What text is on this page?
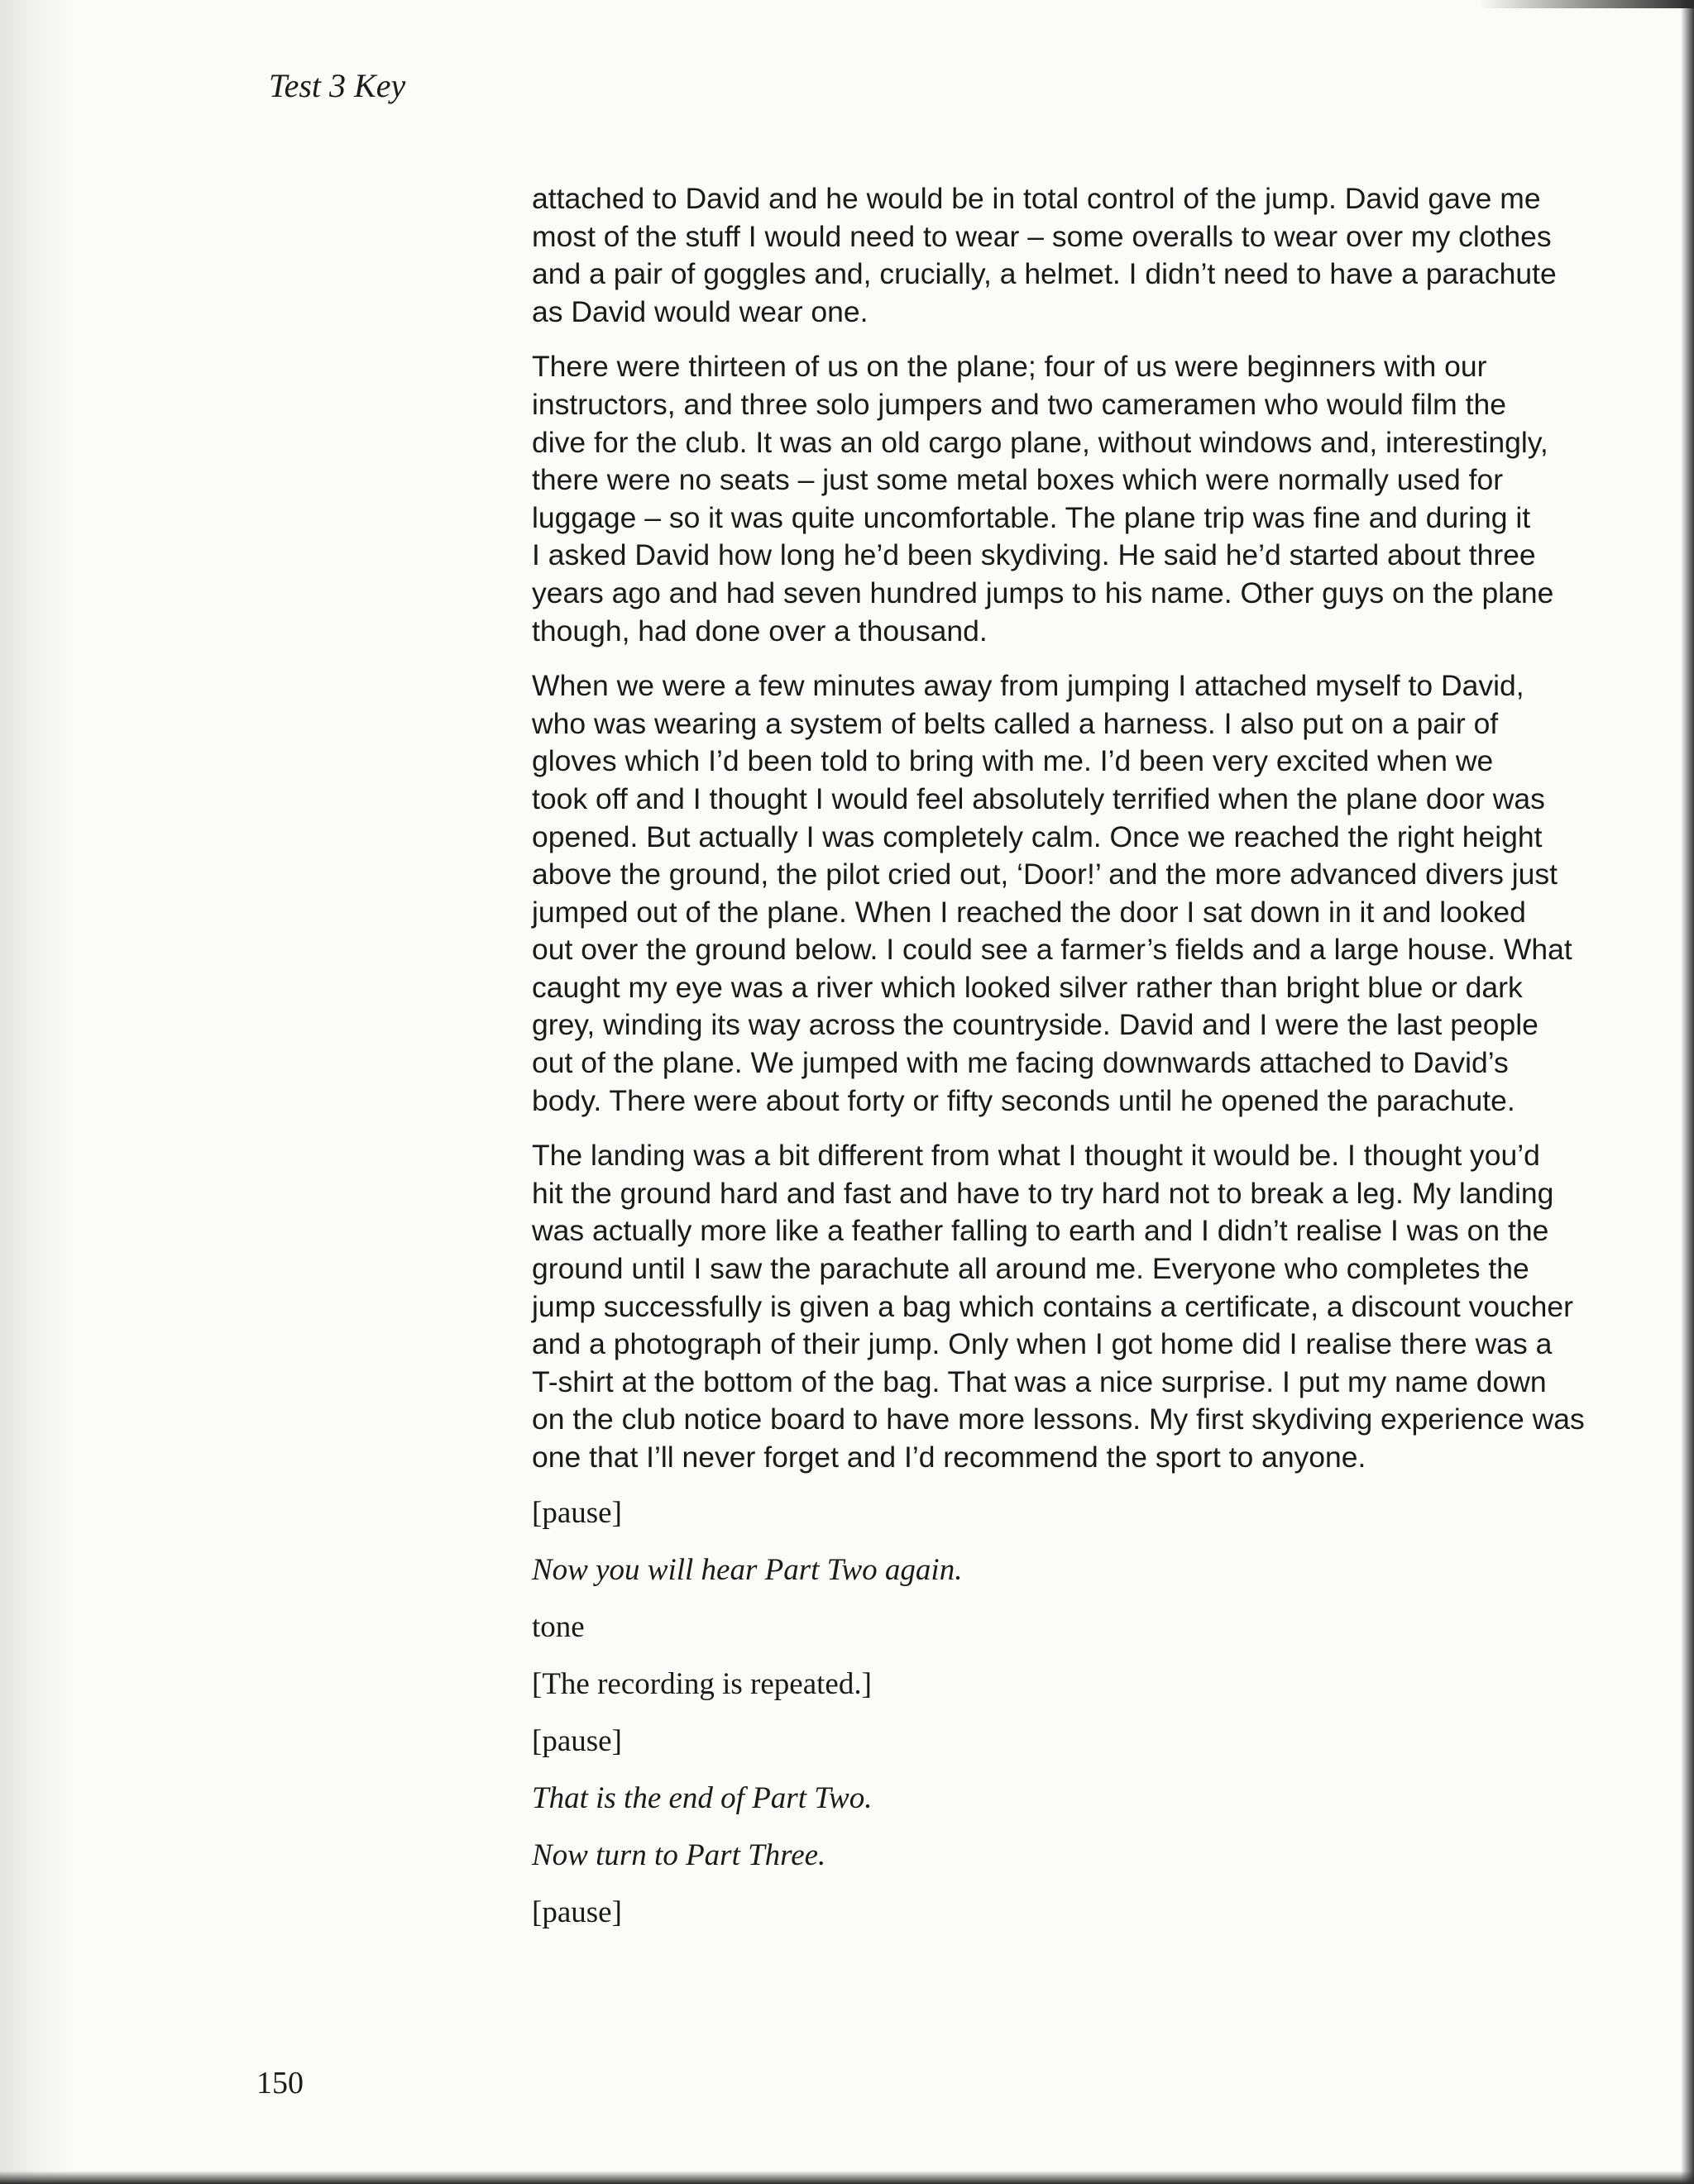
Test 3 Key
attached to David and he would be in total control of the jump. David gave me
most of the stuff I would need to wear – some overalls to wear over my clothes
and a pair of goggles and, crucially, a helmet. I didn’t need to have a parachute
as David would wear one.
There were thirteen of us on the plane; four of us were beginners with our
instructors, and three solo jumpers and two cameramen who would film the
dive for the club. It was an old cargo plane, without windows and, interestingly,
there were no seats – just some metal boxes which were normally used for
luggage – so it was quite uncomfortable. The plane trip was fine and during it
I asked David how long he’d been skydiving. He said he’d started about three
years ago and had seven hundred jumps to his name. Other guys on the plane
though, had done over a thousand.
When we were a few minutes away from jumping I attached myself to David,
who was wearing a system of belts called a harness. I also put on a pair of
gloves which I’d been told to bring with me. I’d been very excited when we
took off and I thought I would feel absolutely terrified when the plane door was
opened. But actually I was completely calm. Once we reached the right height
above the ground, the pilot cried out, ‘Door!’ and the more advanced divers just
jumped out of the plane. When I reached the door I sat down in it and looked
out over the ground below. I could see a farmer’s fields and a large house. What
caught my eye was a river which looked silver rather than bright blue or dark
grey, winding its way across the countryside. David and I were the last people
out of the plane. We jumped with me facing downwards attached to David’s
body. There were about forty or fifty seconds until he opened the parachute.
The landing was a bit different from what I thought it would be. I thought you’d
hit the ground hard and fast and have to try hard not to break a leg. My landing
was actually more like a feather falling to earth and I didn’t realise I was on the
ground until I saw the parachute all around me. Everyone who completes the
jump successfully is given a bag which contains a certificate, a discount voucher
and a photograph of their jump. Only when I got home did I realise there was a
T-shirt at the bottom of the bag. That was a nice surprise. I put my name down
on the club notice board to have more lessons. My first skydiving experience was
one that I’ll never forget and I’d recommend the sport to anyone.
[pause]
Now you will hear Part Two again.
tone
[The recording is repeated.]
[pause]
That is the end of Part Two.
Now turn to Part Three.
[pause]
150
